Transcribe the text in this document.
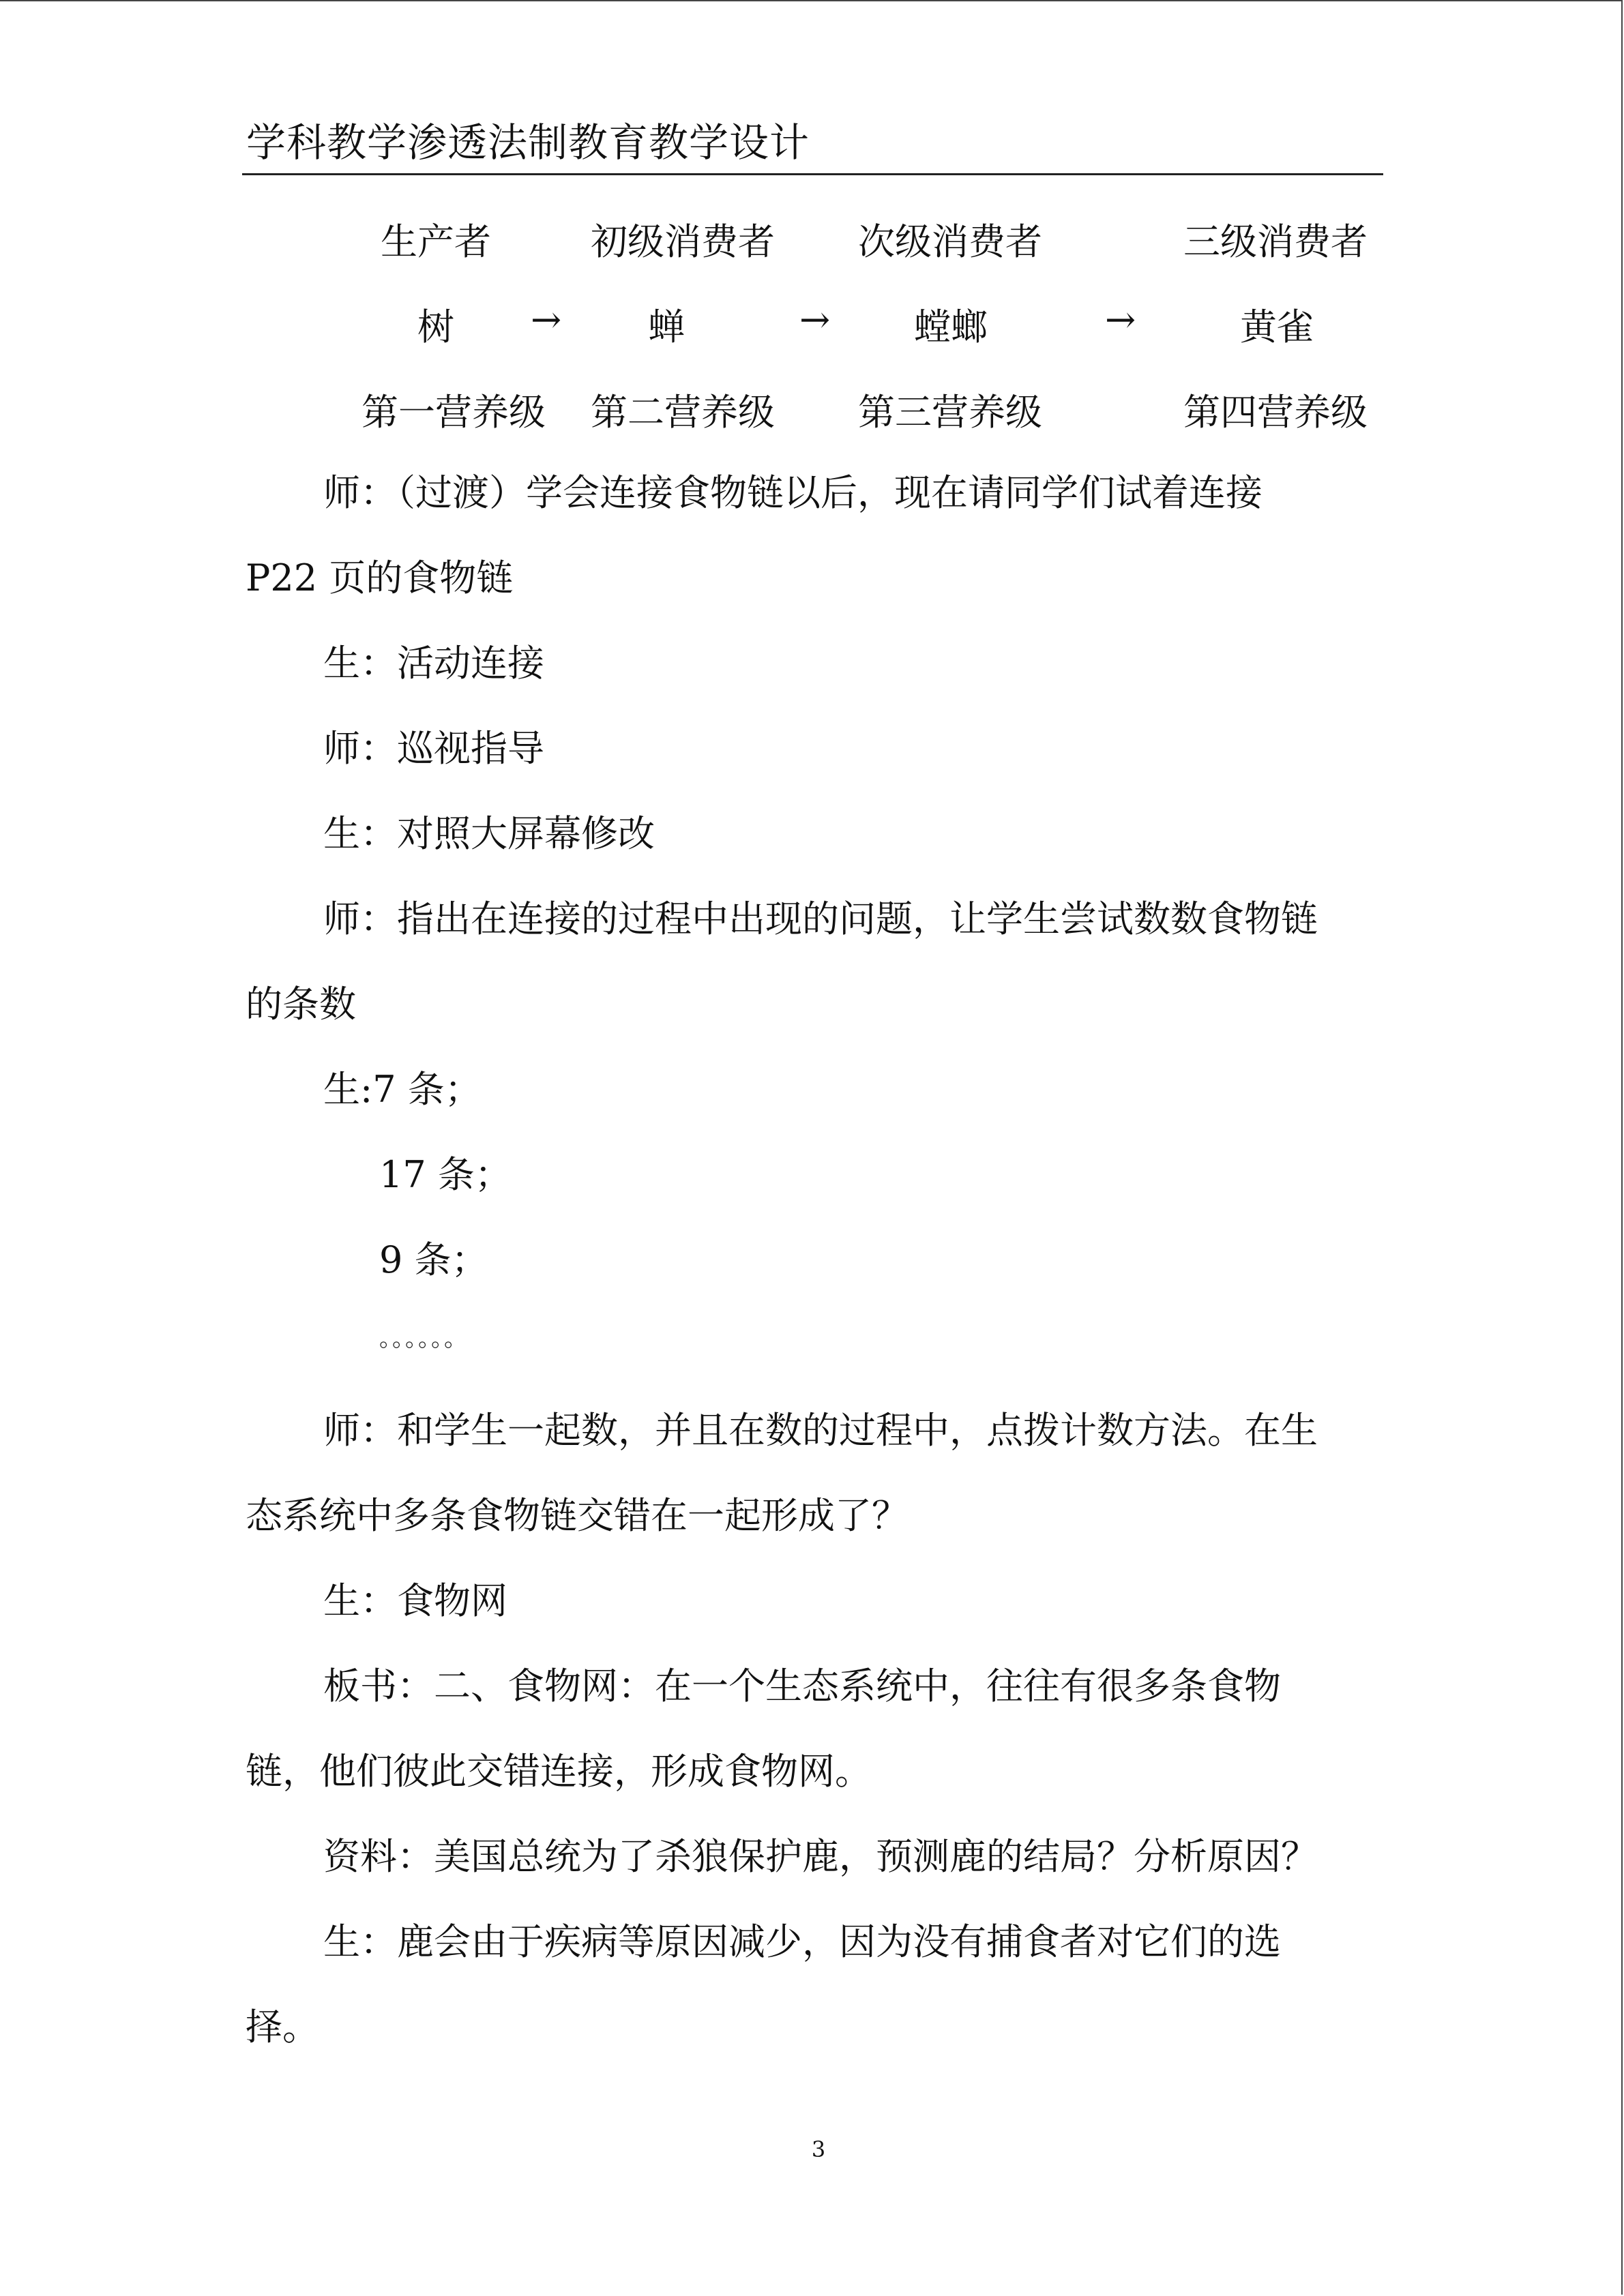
学科教学渗透法制教育教学设计
生产者	初级消费者 次级消费者	三级消费者
树 → 蝉	→ 螳螂	→	黄雀
第一营养级 第二营养级 第三营养级	第四营养级
师：（过渡）学会连接食物链以后，现在请同学们试着连接
P22 页的食物链
生：活动连接
师：巡视指导
生：对照大屏幕修改
师：指出在连接的过程中出现的问题，让学生尝试数数食物链
的条数
生:7 条；
17 条；
9 条；
。。。。。。
师：和学生一起数，并且在数的过程中，点拨计数方法。在生
态系统中多条食物链交错在一起形成了？
生：食物网
板书：二、食物网：在一个生态系统中，往往有很多条食物
链，他们彼此交错连接，形成食物网。
资料：美国总统为了杀狼保护鹿，预测鹿的结局？分析原因？
生：鹿会由于疾病等原因减少，因为没有捕食者对它们的选
择。
3
